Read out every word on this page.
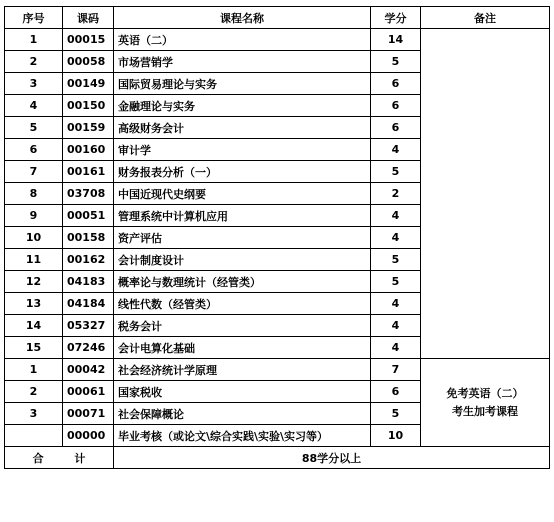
序号	课码	课程名称	学分	备注
1	00015	英语（二）	14	
2	00058	市场营销学	5	
3	00149	国际贸易理论与实务	6	
4	00150	金融理论与实务	6	
5	00159	高级财务会计	6	
6	00160	审计学	4	
7	00161	财务报表分析（一）	5	
8	03708	中国近现代史纲要	2	
9	00051	管理系统中计算机应用	4	
10	00158	资产评估	4	
11	00162	会计制度设计	5	
12	04183	概率论与数理统计（经管类）	5	
13	04184	线性代数（经管类）	4	
14	05327	税务会计	4	
15	07246	会计电算化基础	4	
1	00042	社会经济统计学原理	7	免考英语（二）
考生加考课程

2	00061	国家税收	6	
3	00071	社会保障概论	5	
	00000	毕业考核（或论文\综合实践\实验\实习等）	10	
合 计		88学分以上		
